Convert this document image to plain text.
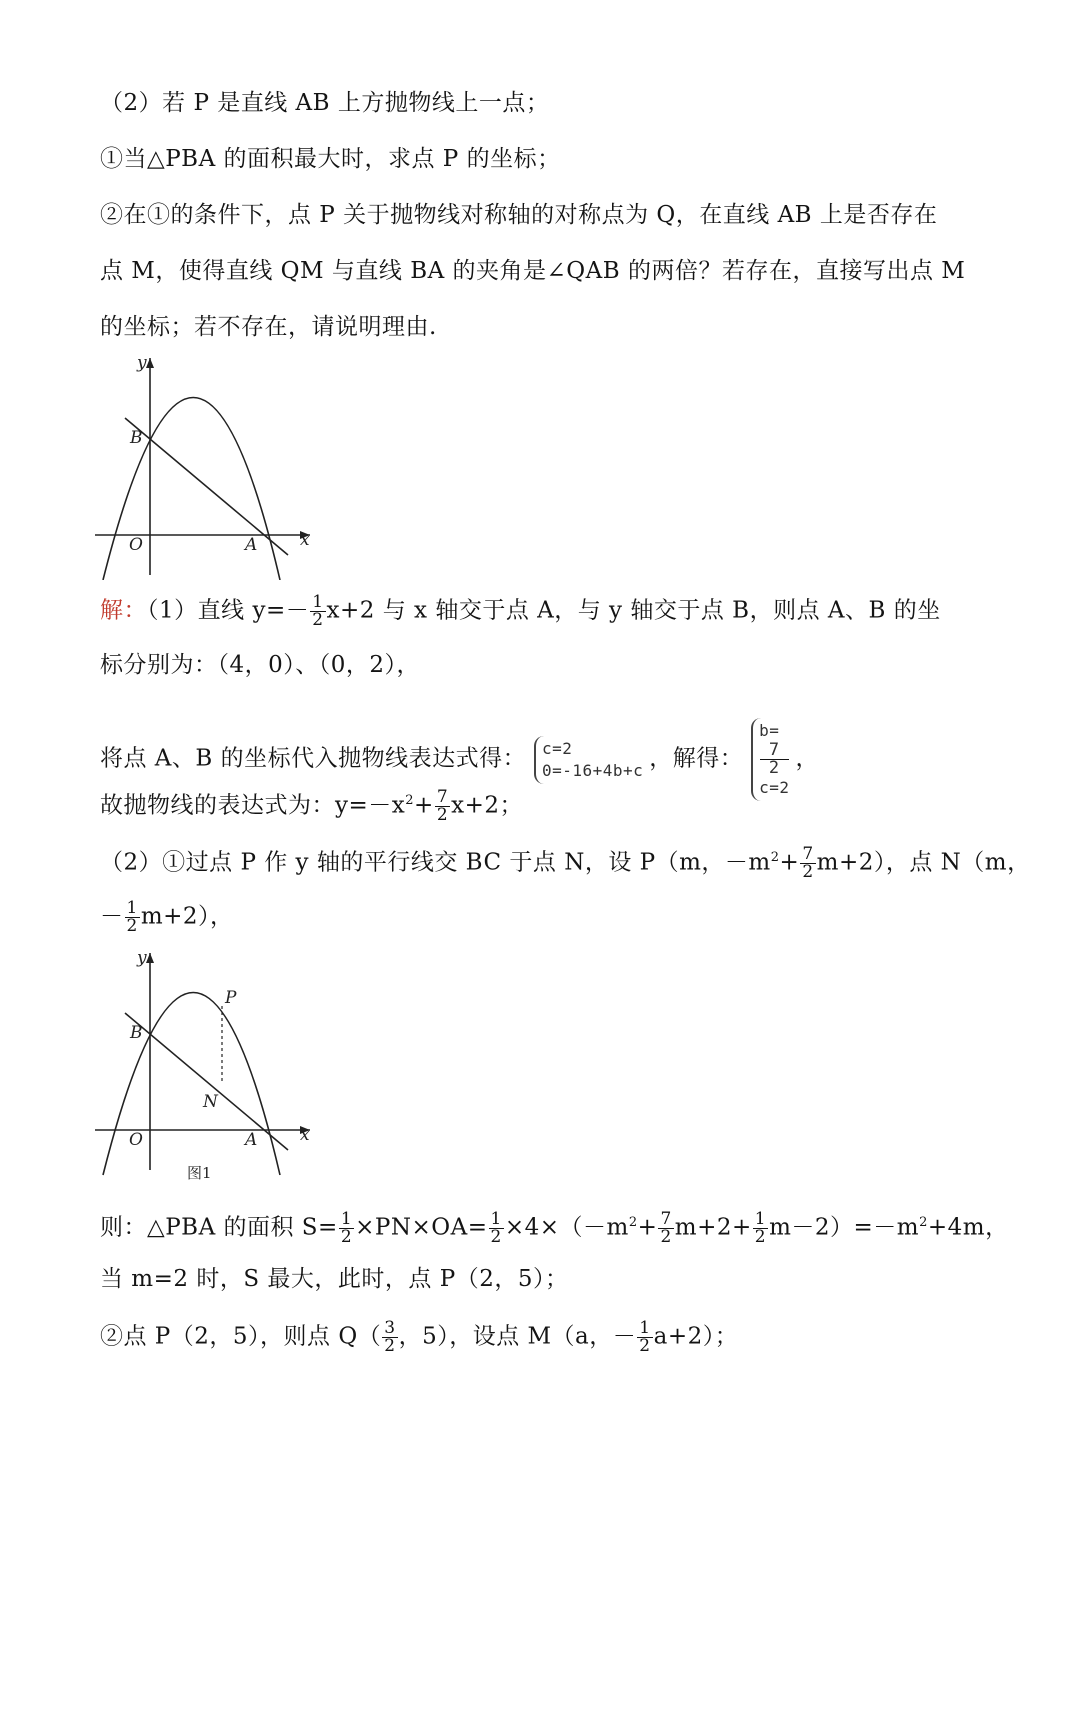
（2）若 P 是直线 AB 上方抛物线上一点；
①当△PBA 的面积最大时，求点 P 的坐标；
②在①的条件下，点 P 关于抛物线对称轴的对称点为 Q，在直线 AB 上是否存在
点 M，使得直线 QM 与直线 BA 的夹角是∠QAB 的两倍？若存在，直接写出点 M
的坐标；若不存在，请说明理由.
y
x
O	A
B
解：（1）直线 $y=- \frac{1}{2} x+2$ 与 x 轴交于点 A，与 y 轴交于点 B，则点 A、B 的坐
标分别为：（4，0）、（0，2），
将点 A、B 的坐标代入抛物线表达式得： c=2
0=-16+4b+c ，解得：
b=
7
2
c=2
，
故抛物线的表达式为：$y=-x^2+ \frac{7}{2} x+2$；
（2）①过点 P 作 y 轴的平行线交 BC 于点 N，设 P（m，$-m^2+ \frac{7}{2} m+2$），点 N（m，
－ $\frac{1}{2} m+2$），
y
x
O	A
B
P
N
图1
则：△PBA 的面积 $S= \frac{1}{2} \times PN\times OA= \frac{1}{2} \times 4\times(-m^2+ \frac{7}{2} m+2+ \frac{1}{2} m-2)=-m^2+4m$，
当 m=2 时，S 最大，此时，点 P（2，5）；
②点 P（2，5），则点 $Q( \frac{3}{2}$ ，5），设点 M（a，－ $\frac{1}{2} a+2$）；
